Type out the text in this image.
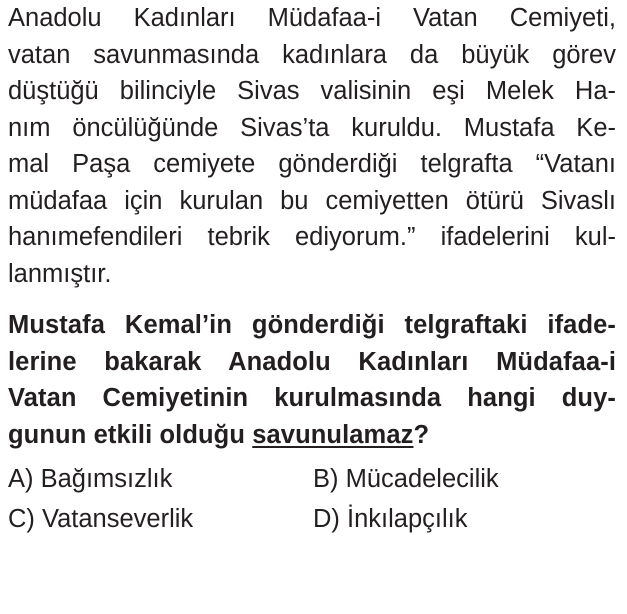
Anadolu Kadınları Müdafaa-i Vatan Cemiyeti,
vatan savunmasında kadınlara da büyük görev
düştüğü bilinciyle Sivas valisinin eşi Melek Ha-
nım öncülüğünde Sivas’ta kuruldu. Mustafa Ke-
mal Paşa cemiyete gönderdiği telgrafta “Vatanı
müdafaa için kurulan bu cemiyetten ötürü Sivaslı
hanımefendileri tebrik ediyorum.” ifadelerini kul-
lanmıştır.
Mustafa Kemal’in gönderdiği telgraftaki ifade-
lerine bakarak Anadolu Kadınları Müdafaa-i
Vatan Cemiyetinin kurulmasında hangi duy-
gunun etkili olduğu savunulamaz?
A) Bağımsızlık	B) Mücadelecilik
C) Vatanseverlik	D) İnkılapçılık
